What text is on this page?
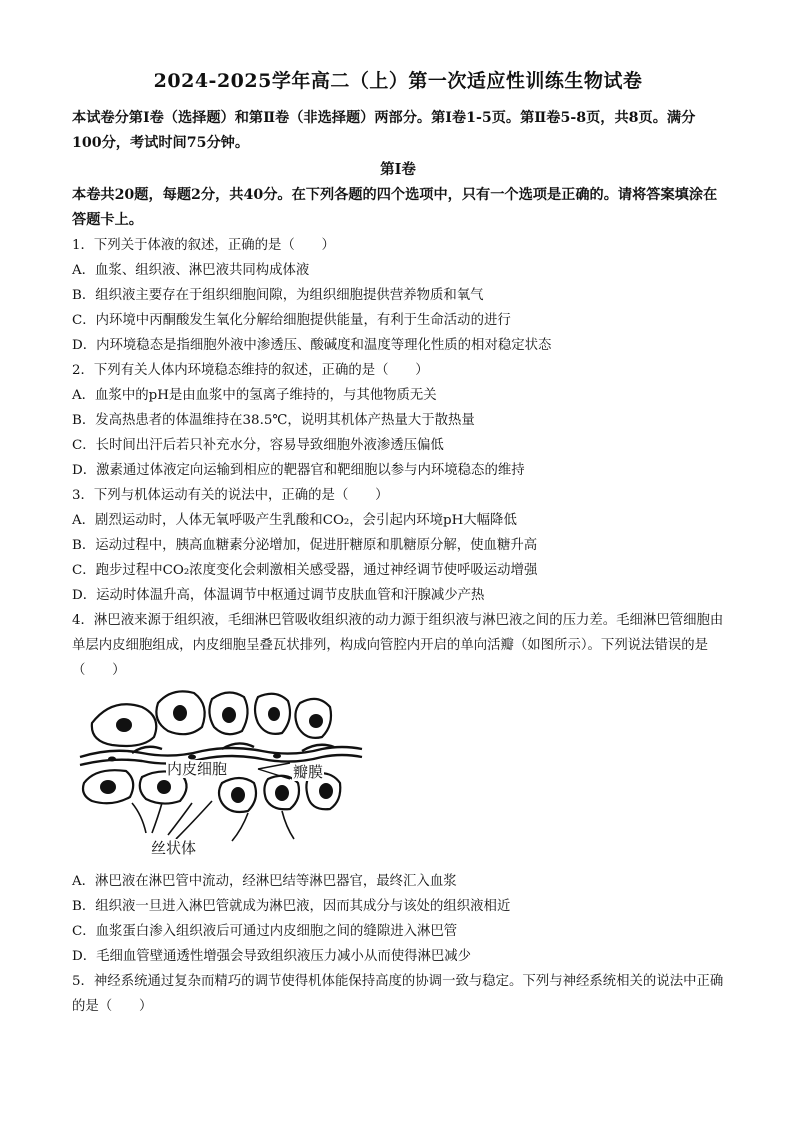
2024-2025学年高二（上）第一次适应性训练生物试卷

本试卷分第Ⅰ卷（选择题）和第Ⅱ卷（非选择题）两部分。第Ⅰ卷1-5页。第Ⅱ卷5-8页，共8页。满分100分，考试时间75分钟。

第Ⅰ卷

本卷共20题，每题2分，共40分。在下列各题的四个选项中，只有一个选项是正确的。请将答案填涂在答题卡上。

1．下列关于体液的叙述，正确的是（　　）

A．血浆、组织液、淋巴液共同构成体液

B．组织液主要存在于组织细胞间隙，为组织细胞提供营养物质和氧气

C．内环境中丙酮酸发生氧化分解给细胞提供能量，有利于生命活动的进行

D．内环境稳态是指细胞外液中渗透压、酸碱度和温度等理化性质的相对稳定状态

2．下列有关人体内环境稳态维持的叙述，正确的是（　　）

A．血浆中的pH是由血浆中的氢离子维持的，与其他物质无关

B．发高热患者的体温维持在38.5℃，说明其机体产热量大于散热量

C．长时间出汗后若只补充水分，容易导致细胞外液渗透压偏低

D．激素通过体液定向运输到相应的靶器官和靶细胞以参与内环境稳态的维持

3．下列与机体运动有关的说法中，正确的是（　　）

A．剧烈运动时，人体无氧呼吸产生乳酸和CO₂，会引起内环境pH大幅降低

B．运动过程中，胰高血糖素分泌增加，促进肝糖原和肌糖原分解，使血糖升高

C．跑步过程中CO₂浓度变化会刺激相关感受器，通过神经调节使呼吸运动增强

D．运动时体温升高，体温调节中枢通过调节皮肤血管和汗腺减少产热

4．淋巴液来源于组织液，毛细淋巴管吸收组织液的动力源于组织液与淋巴液之间的压力差。毛细淋巴管细胞由单层内皮细胞组成，内皮细胞呈叠瓦状排列，构成向管腔内开启的单向活瓣（如图所示）。下列说法错误的是（　　）

内皮细胞	瓣膜
丝状体

A．淋巴液在淋巴管中流动，经淋巴结等淋巴器官，最终汇入血浆

B．组织液一旦进入淋巴管就成为淋巴液，因而其成分与该处的组织液相近

C．血浆蛋白渗入组织液后可通过内皮细胞之间的缝隙进入淋巴管

D．毛细血管壁通透性增强会导致组织液压力减小从而使得淋巴减少

5．神经系统通过复杂而精巧的调节使得机体能保持高度的协调一致与稳定。下列与神经系统相关的说法中正确的是（　　）
